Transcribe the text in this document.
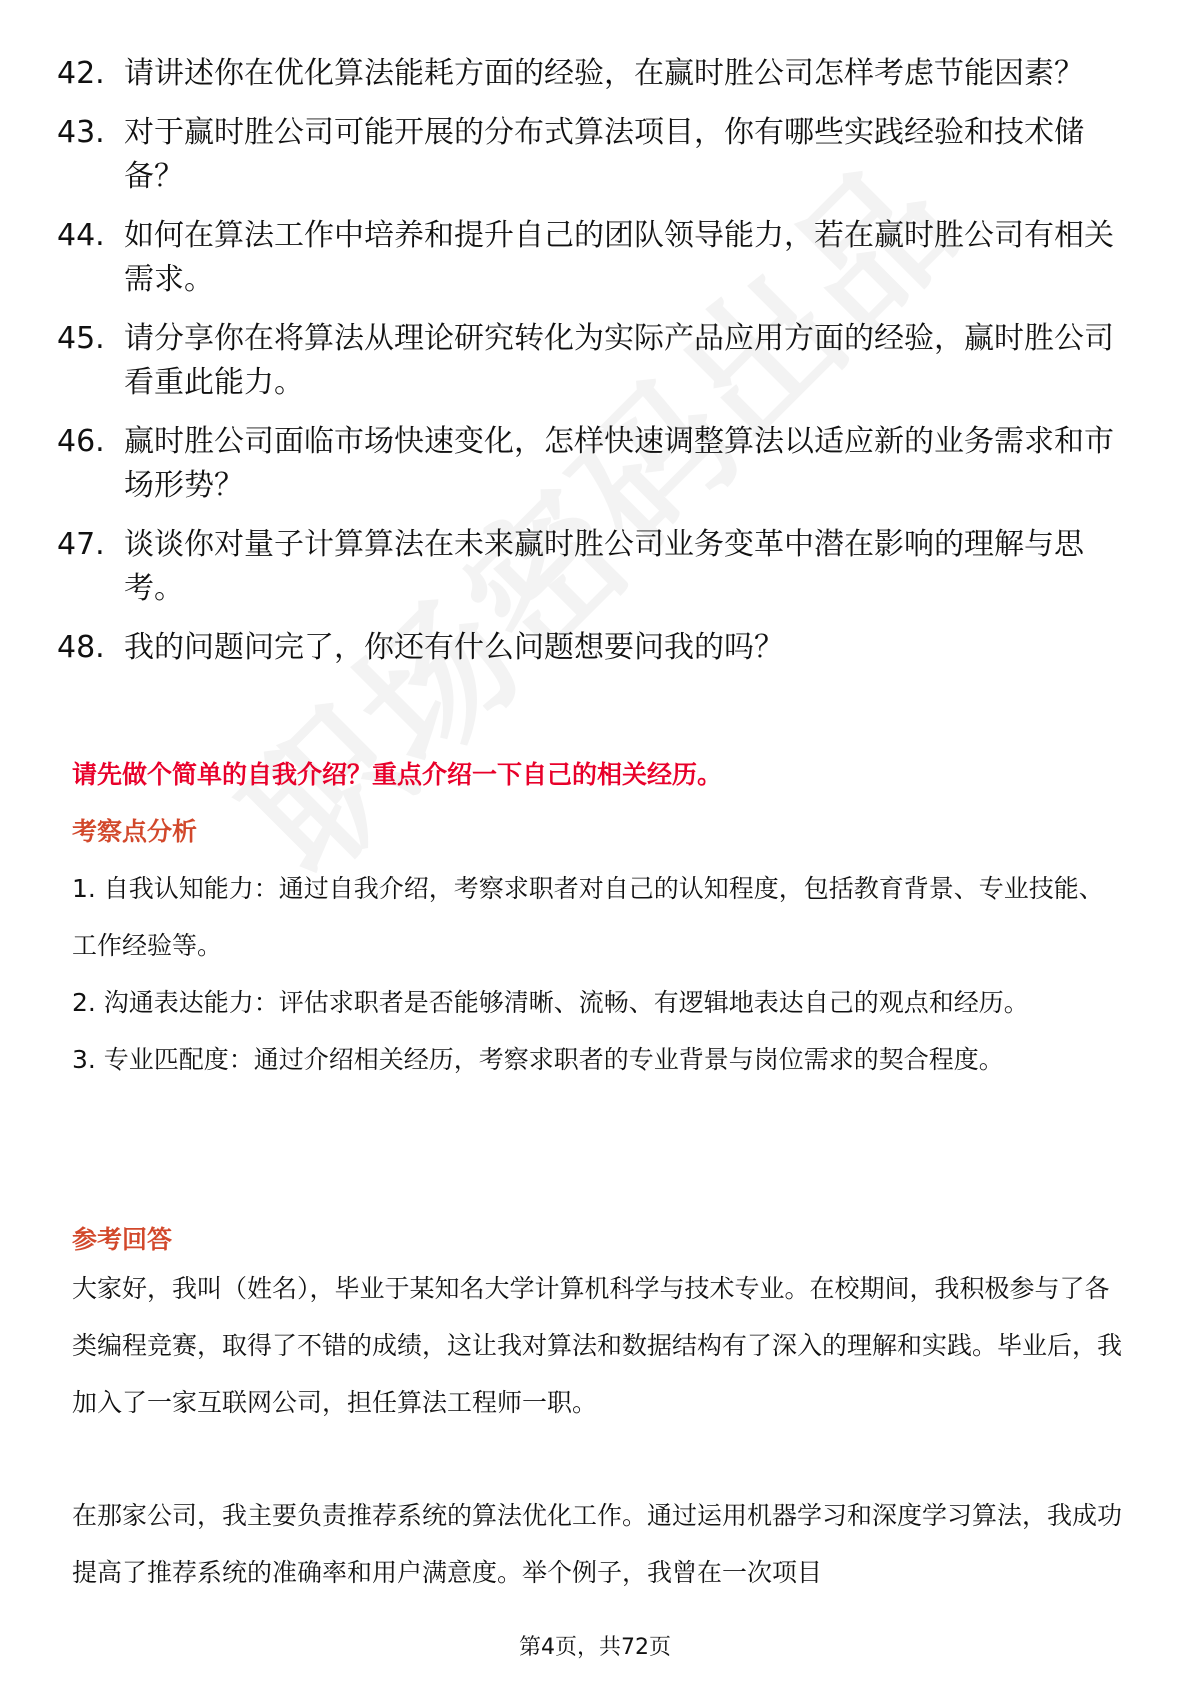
42. 请讲述你在优化算法能耗方面的经验，在赢时胜公司怎样考虑节能因素？
43. 对于赢时胜公司可能开展的分布式算法项目，你有哪些实践经验和技术储备？
44. 如何在算法工作中培养和提升自己的团队领导能力，若在赢时胜公司有相关需求。
45. 请分享你在将算法从理论研究转化为实际产品应用方面的经验，赢时胜公司看重此能力。
46. 赢时胜公司面临市场快速变化，怎样快速调整算法以适应新的业务需求和市场形势？
47. 谈谈你对量子计算算法在未来赢时胜公司业务变革中潜在影响的理解与思考。
48. 我的问题问完了，你还有什么问题想要问我的吗？
请先做个简单的自我介绍？重点介绍一下自己的相关经历。
考察点分析
1. 自我认知能力：通过自我介绍，考察求职者对自己的认知程度，包括教育背景、专业技能、工作经验等。
2. 沟通表达能力：评估求职者是否能够清晰、流畅、有逻辑地表达自己的观点和经历。
3. 专业匹配度：通过介绍相关经历，考察求职者的专业背景与岗位需求的契合程度。
参考回答

大家好，我叫（姓名），毕业于某知名大学计算机科学与技术专业。在校期间，我积极参与了各类编程竞赛，取得了不错的成绩，这让我对算法和数据结构有了深入的理解和实践。毕业后，我加入了一家互联网公司，担任算法工程师一职。

在那家公司，我主要负责推荐系统的算法优化工作。通过运用机器学习和深度学习算法，我成功提高了推荐系统的准确率和用户满意度。举个例子，我曾在一次项目

第4页，共72页
